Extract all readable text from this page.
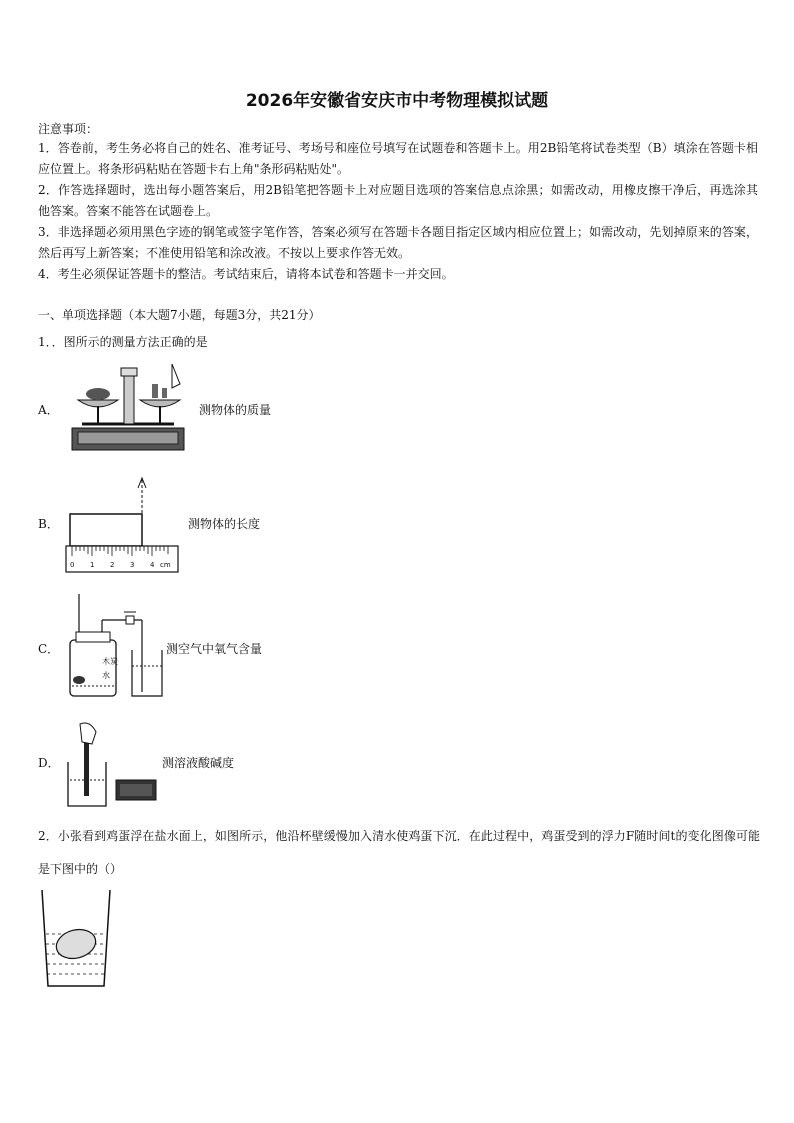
2026年安徽省安庆市中考物理模拟试题
注意事项：

1．答卷前，考生务必将自己的姓名、准考证号、考场号和座位号填写在试题卷和答题卡上。用2B铅笔将试卷类型（B）填涂在答题卡相应位置上。将条形码粘贴在答题卡右上角"条形码粘贴处"。

2．作答选择题时，选出每小题答案后，用2B铅笔把答题卡上对应题目选项的答案信息点涂黑；如需改动，用橡皮擦干净后，再选涂其他答案。答案不能答在试题卷上。

3．非选择题必须用黑色字迹的钢笔或签字笔作答，答案必须写在答题卡各题目指定区域内相应位置上；如需改动，先划掉原来的答案，然后再写上新答案；不准使用铅笔和涂改液。不按以上要求作答无效。

4．考生必须保证答题卡的整洁。考试结束后，请将本试卷和答题卡一并交回。

一、单项选择题（本大题7小题，每题3分，共21分）
1．．图所示的测量方法正确的是
A．	测物体的质量
B．
0 1 2 3 4 cm
测物体的长度
C．
木炭
水
测空气中氧气含量
D．	测溶液酸碱度
2．小张看到鸡蛋浮在盐水面上，如图所示，他沿杯壁缓慢加入清水使鸡蛋下沉．在此过程中，鸡蛋受到的浮力F随时间t的变化图像可能是下图中的（）
